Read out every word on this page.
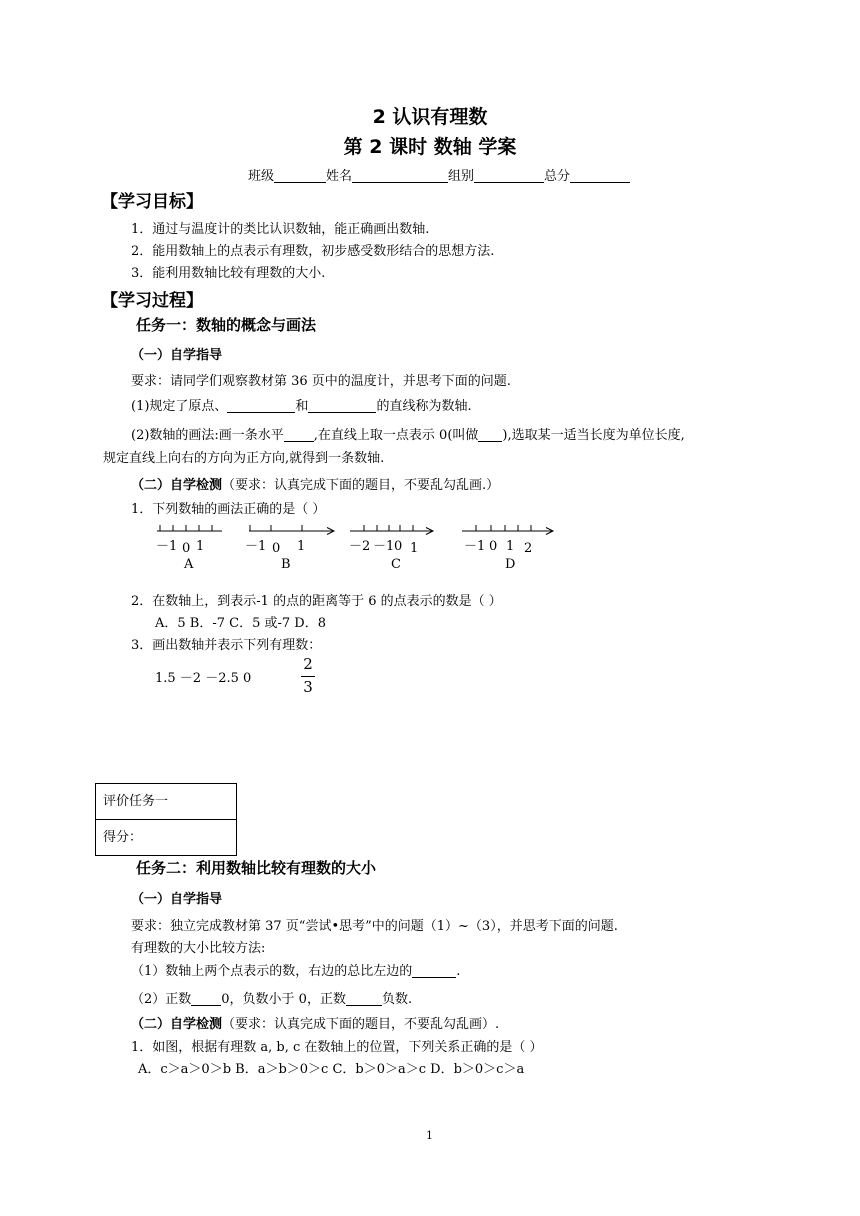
2 认识有理数
第 2 课时 数轴 学案
班级	姓名	组别	总分
【学习目标】
1．通过与温度计的类比认识数轴，能正确画出数轴.
2．能用数轴上的点表示有理数，初步感受数形结合的思想方法.
3．能利用数轴比较有理数的大小.
【学习过程】
任务一：数轴的概念与画法
（一）自学指导
要求：请同学们观察教材第 36 页中的温度计，并思考下面的问题.
(1)规定了原点、	和	的直线称为数轴.
(2)数轴的画法:画一条水平 ,在直线上取一点表示 0(叫做 ),选取某一适当长度为单位长度,
规定直线上向右的方向为正方向,就得到一条数轴.
（二）自学检测（要求：认真完成下面的题目，不要乱勾乱画.）
1．下列数轴的画法正确的是（ ）
－1 0 1
A
－1 0 1
B
－2 －1 0 1
C
－1 0 1 2
D
2．在数轴上，到表示-1 的点的距离等于 6 的点表示的数是（ ）
A．5 B．-7 C．5 或-7 D．8
3．画出数轴并表示下列有理数：
1.5 －2 －2.5 0
2
3
评价任务一
得分：
任务二：利用数轴比较有理数的大小
（一）自学指导
要求：独立完成教材第 37 页“尝试•思考”中的问题（1）~（3），并思考下面的问题.
有理数的大小比较方法:
（1）数轴上两个点表示的数，右边的总比左边的	.
（2）正数 0，负数小于 0，正数	负数.
（二）自学检测（要求：认真完成下面的题目，不要乱勾乱画）.
1．如图，根据有理数 a, b, c 在数轴上的位置，下列关系正确的是（ ）
A．c＞a＞0＞b B．a＞b＞0＞c C．b＞0＞a＞c D．b＞0＞c＞a
1
